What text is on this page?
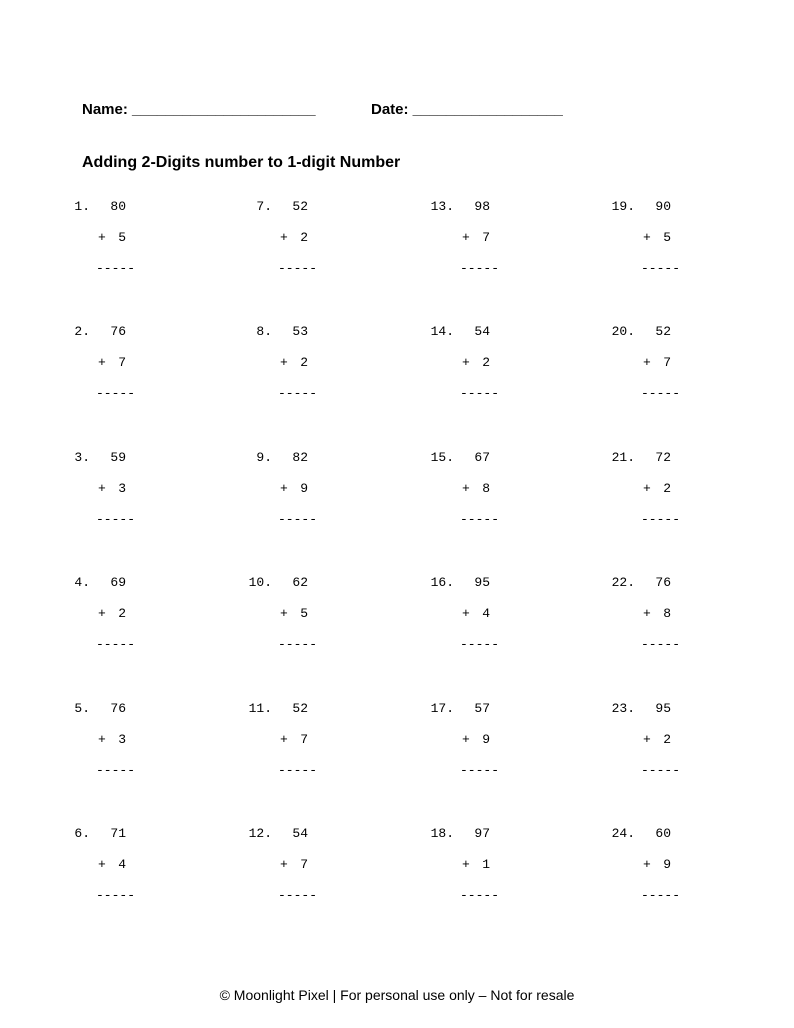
Name: ______________________	Date: __________________
Adding 2-Digits number to 1-digit Number
1.	80
+ 5
-----
2.	76
+ 7
-----
3.	59
+ 3
-----
4.	69
+ 2
-----
5.	76
+ 3
-----
6.	71
+ 4
-----
7.	52
+ 2
-----
8.	53
+ 2
-----
9.	82
+ 9
-----
10.	62
+ 5
-----
11.	52
+ 7
-----
12.	54
+ 7
-----
13.	98
+ 7
-----
14.	54
+ 2
-----
15.	67
+ 8
-----
16.	95
+ 4
-----
17.	57
+ 9
-----
18.	97
+ 1
-----
19.	90
+ 5
-----
20.	52
+ 7
-----
21.	72
+ 2
-----
22.	76
+ 8
-----
23.	95
+ 2
-----
24.	60
+ 9
-----
© Moonlight Pixel | For personal use only – Not for resale
